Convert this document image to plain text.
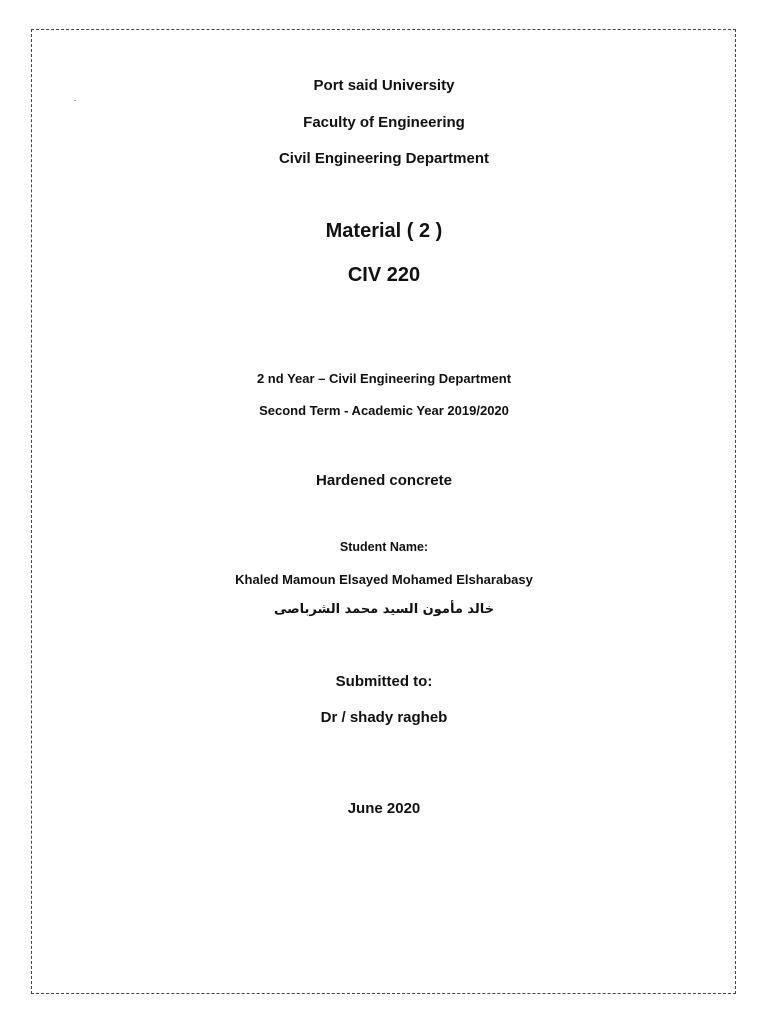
Port said University
Faculty of Engineering
Civil Engineering Department
Material ( 2 )
CIV 220
2 nd Year – Civil Engineering Department
Second Term - Academic Year 2019/2020
Hardened concrete
Student Name:
Khaled Mamoun Elsayed Mohamed Elsharabasy
خالد مأمون السيد محمد الشرباصى
Submitted to:
Dr / shady ragheb
June 2020
